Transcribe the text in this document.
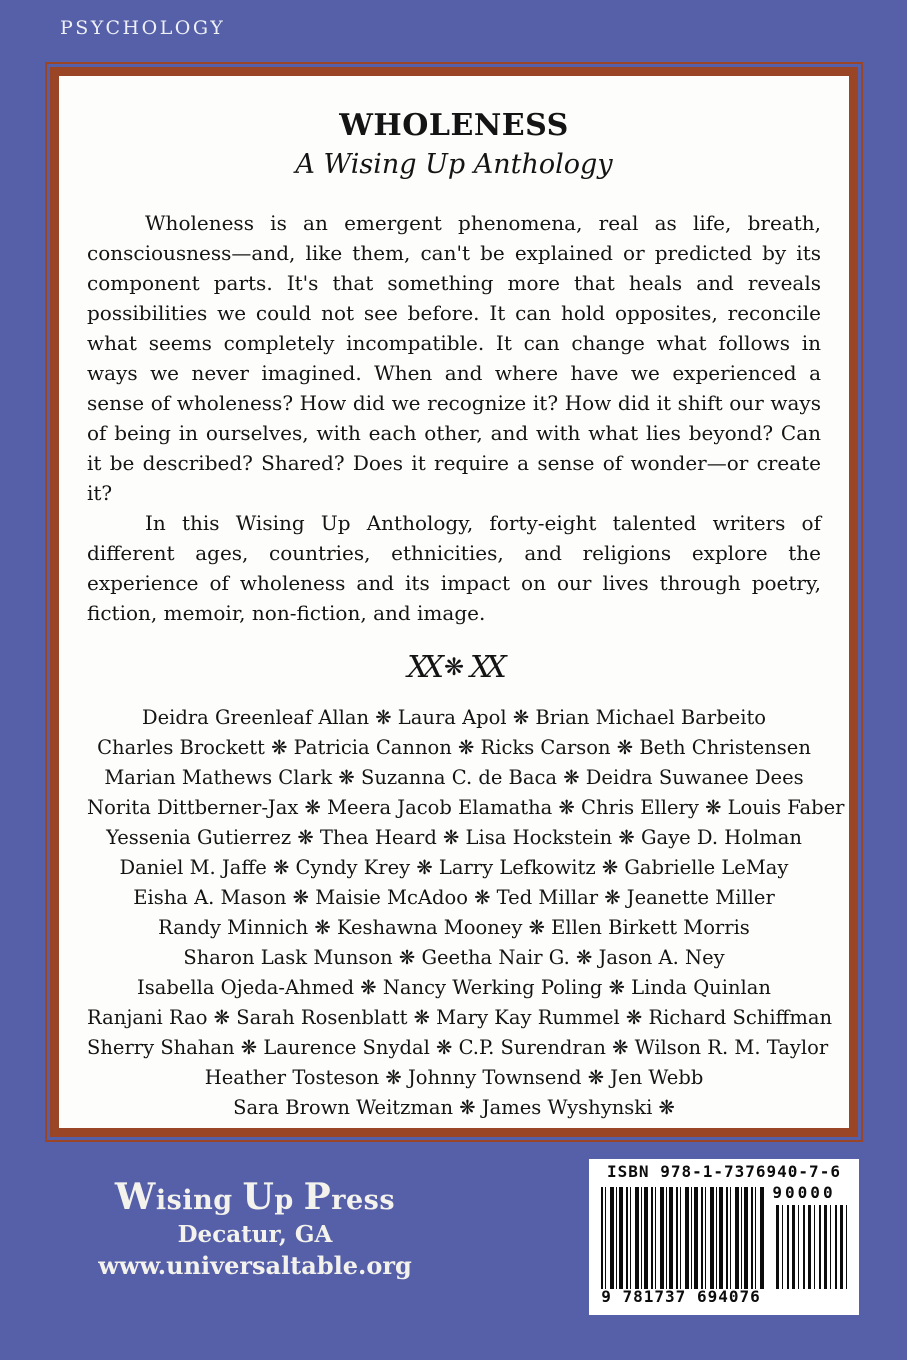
PSYCHOLOGY
WHOLENESS
A Wising Up Anthology

Wholeness is an emergent phenomena, real as life, breath, consciousness—and, like them, can't be explained or predicted by its component parts. It's that something more that heals and reveals possibilities we could not see before. It can hold opposites, reconcile what seems completely incompatible. It can change what follows in ways we never imagined. When and where have we experienced a sense of wholeness? How did we recognize it? How did it shift our ways of being in ourselves, with each other, and with what lies beyond? Can it be described? Shared? Does it require a sense of wonder—or create it?

In this Wising Up Anthology, forty-eight talented writers of different ages, countries, ethnicities, and religions explore the experience of wholeness and its impact on our lives through poetry, fiction, memoir, non-fiction, and image.

XX ❋ XX
Deidra Greenleaf Allan ❋ Laura Apol ❋ Brian Michael Barbeito
Charles Brockett ❋ Patricia Cannon ❋ Ricks Carson ❋ Beth Christensen
Marian Mathews Clark ❋ Suzanna C. de Baca ❋ Deidra Suwanee Dees
Norita Dittberner-Jax ❋ Meera Jacob Elamatha ❋ Chris Ellery ❋ Louis Faber
Yessenia Gutierrez ❋ Thea Heard ❋ Lisa Hockstein ❋ Gaye D. Holman
Daniel M. Jaffe ❋ Cyndy Krey ❋ Larry Lefkowitz ❋ Gabrielle LeMay
Eisha A. Mason ❋ Maisie McAdoo ❋ Ted Millar ❋ Jeanette Miller
Randy Minnich ❋ Keshawna Mooney ❋ Ellen Birkett Morris
Sharon Lask Munson ❋ Geetha Nair G. ❋ Jason A. Ney
Isabella Ojeda-Ahmed ❋ Nancy Werking Poling ❋ Linda Quinlan
Ranjani Rao ❋ Sarah Rosenblatt ❋ Mary Kay Rummel ❋ Richard Schiffman
Sherry Shahan ❋ Laurence Snydal ❋ C.P. Surendran ❋ Wilson R. M. Taylor
Heather Tosteson ❋ Johnny Townsend ❋ Jen Webb
Sara Brown Weitzman ❋ James Wyshynski ❋
Wising Up Press
Decatur, GA
www.universaltable.org
ISBN 978-1-7376940-7-6
90000
9 781737 694076
